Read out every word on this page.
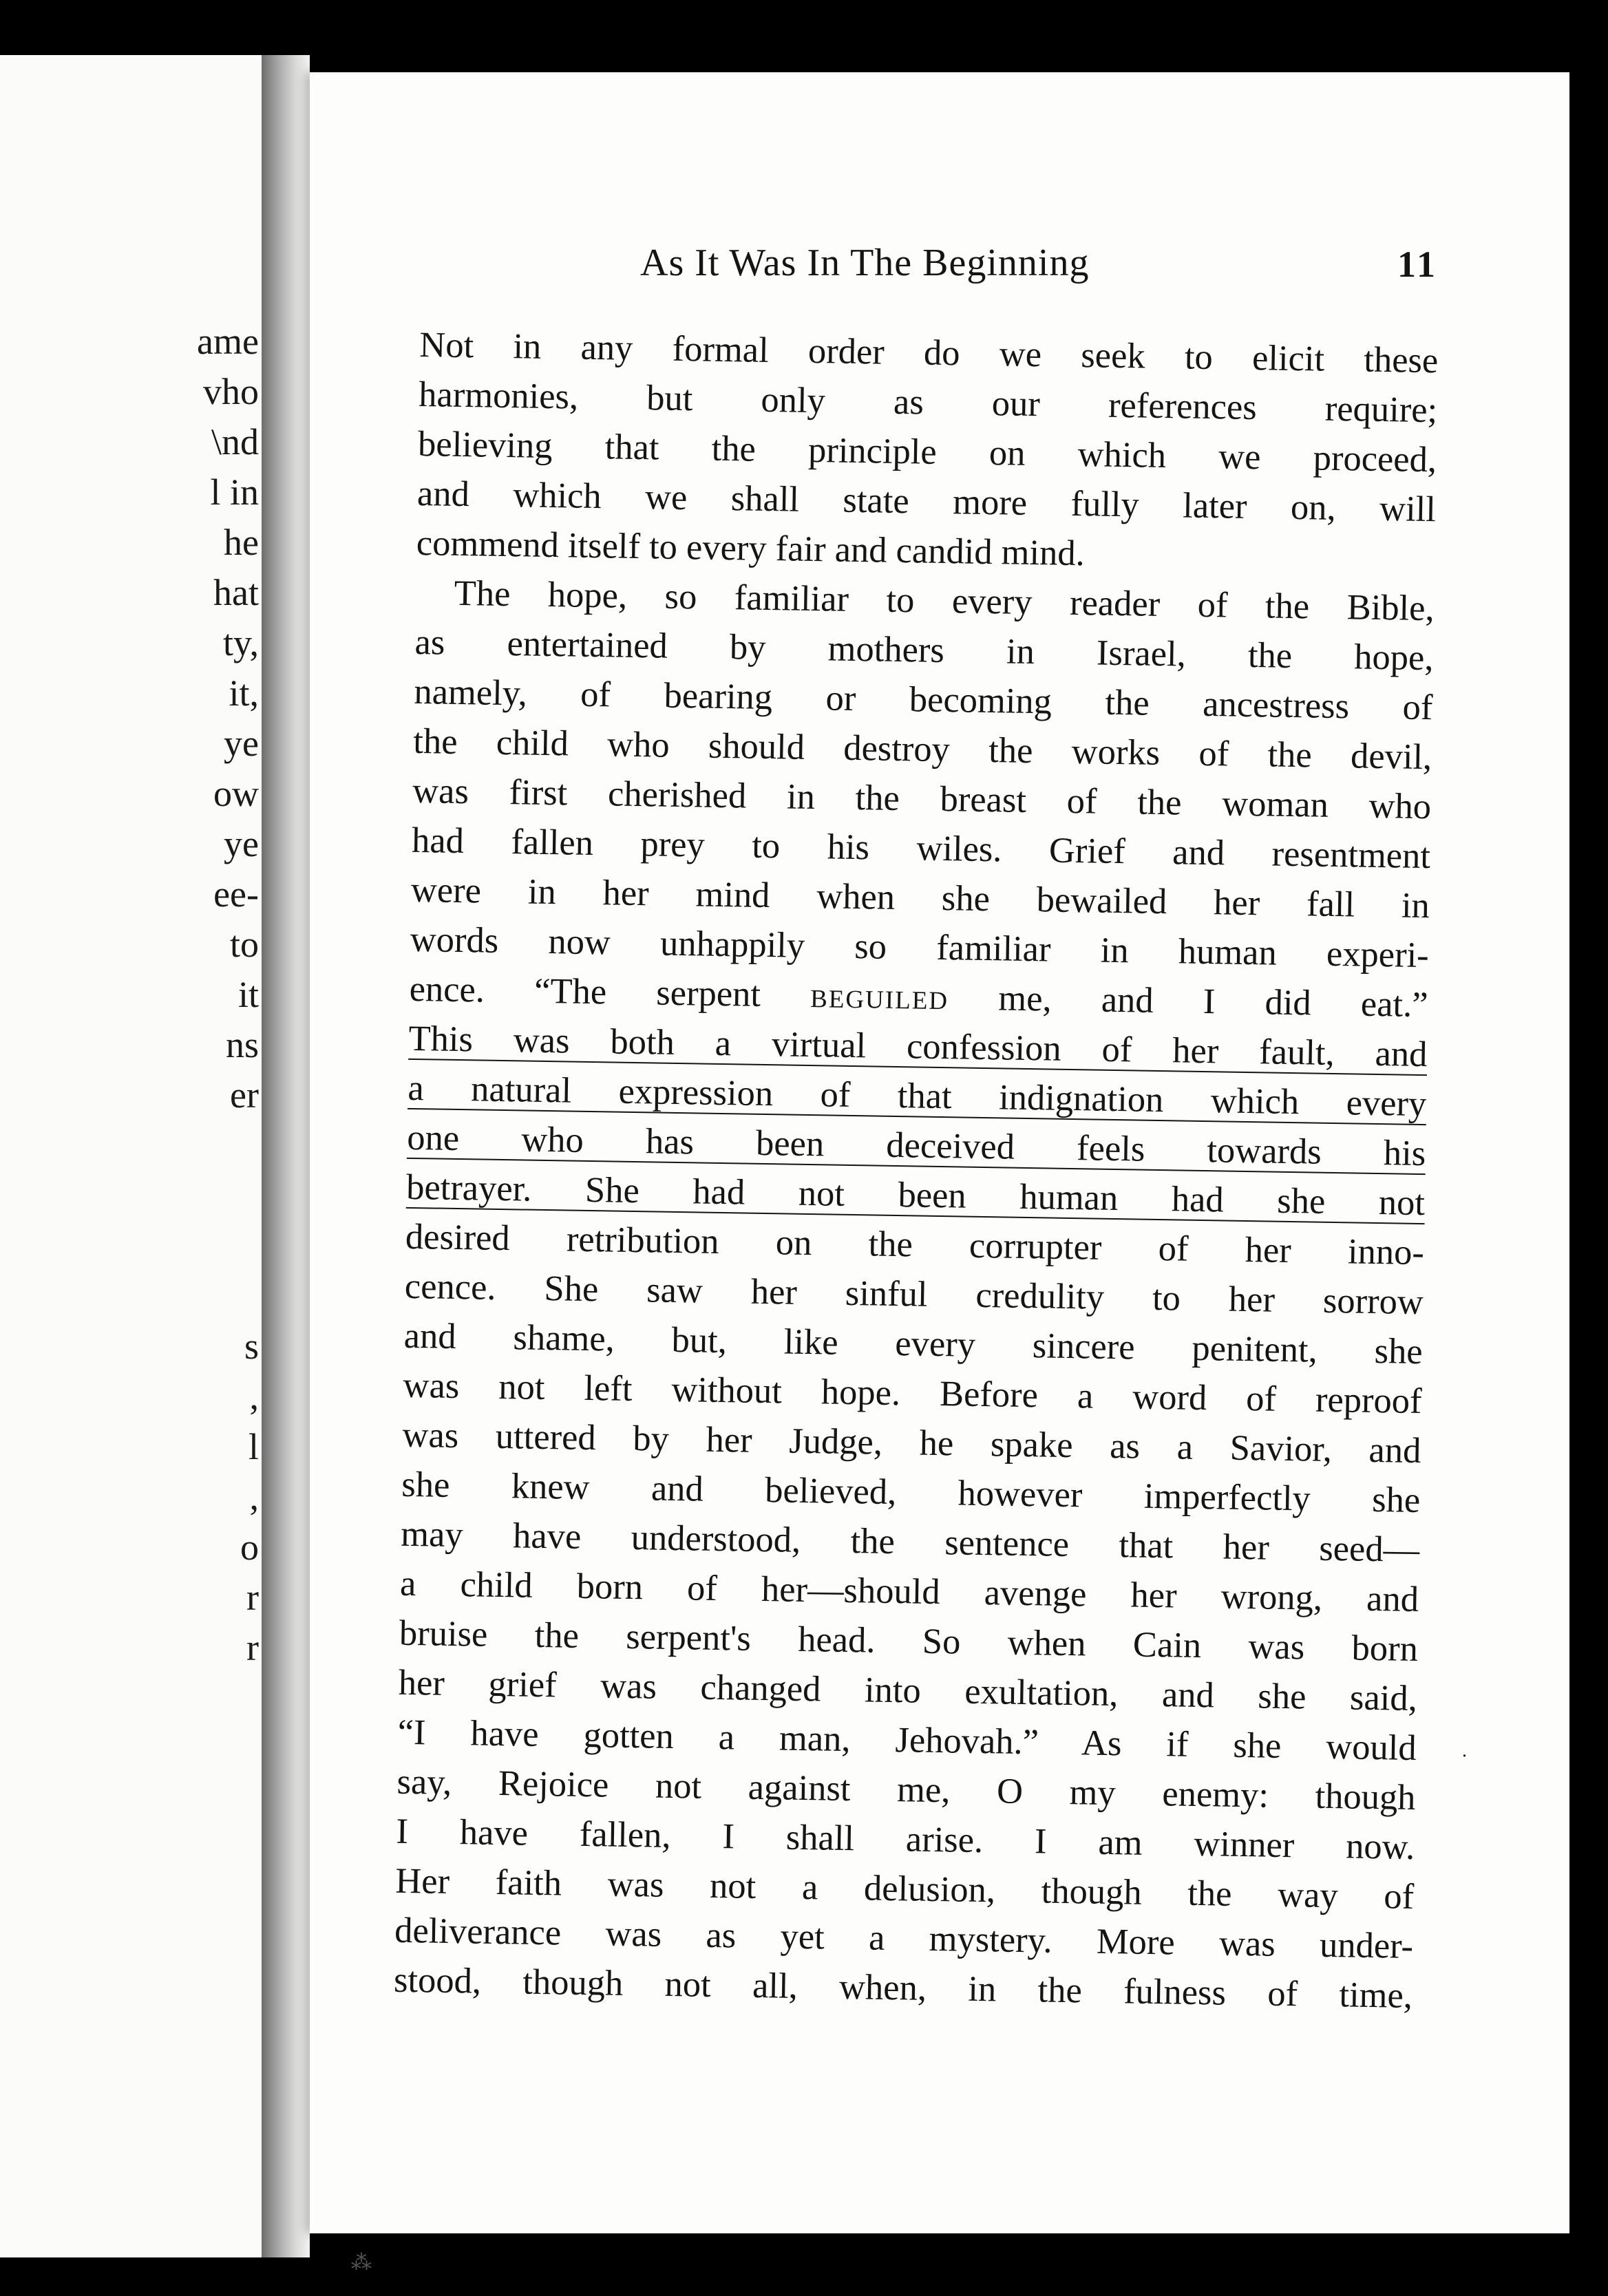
ame
vho
\nd
l in
he
hat
ty,
it,
ye
ow
ye
ee-
to
it
ns
er
s
,
l
,
o
r
r
As It Was In The Beginning	11
Not in any formal order do we seek to elicit these
harmonies, but only as our references require;
believing that the principle on which we proceed,
and which we shall state more fully later on, will
commend itself to every fair and candid mind.
The hope, so familiar to every reader of the Bible,
as entertained by mothers in Israel, the hope,
namely, of bearing or becoming the ancestress of
the child who should destroy the works of the devil,
was first cherished in the breast of the woman who
had fallen prey to his wiles. Grief and resentment
were in her mind when she bewailed her fall in
words now unhappily so familiar in human experi-
ence. “The serpent beguiled me, and I did eat.”
This was both a virtual confession of her fault, and
a natural expression of that indignation which every
one who has been deceived feels towards his
betrayer. She had not been human had she not
desired retribution on the corrupter of her inno-
cence. She saw her sinful credulity to her sorrow
and shame, but, like every sincere penitent, she
was not left without hope. Before a word of reproof
was uttered by her Judge, he spake as a Savior, and
she knew and believed, however imperfectly she
may have understood, the sentence that her seed—
a child born of her—should avenge her wrong, and
bruise the serpent's head. So when Cain was born
her grief was changed into exultation, and she said,
“I have gotten a man, Jehovah.” As if she would
say, Rejoice not against me, O my enemy: though
I have fallen, I shall arise. I am winner now.
Her faith was not a delusion, though the way of
deliverance was as yet a mystery. More was under-
stood, though not all, when, in the fulness of time,
˙
⁂
